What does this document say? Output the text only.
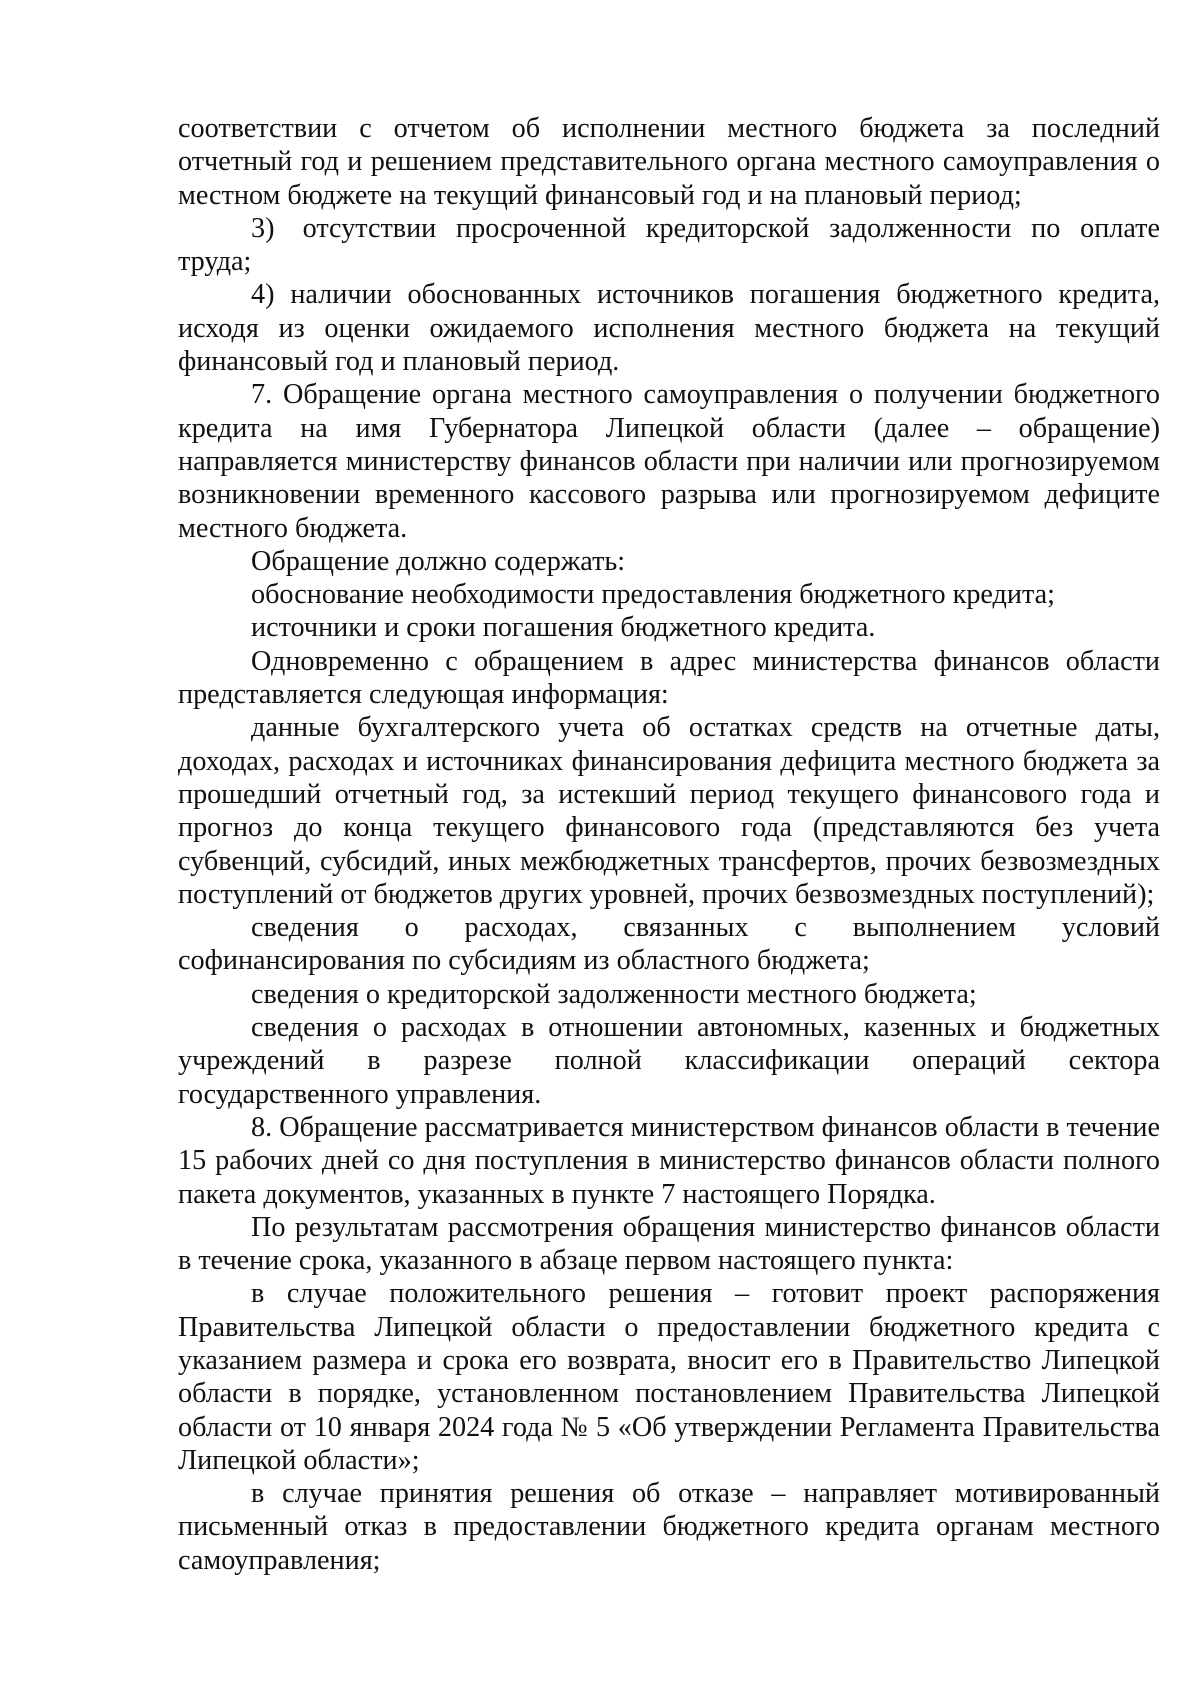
соответствии с отчетом об исполнении местного бюджета за последний отчетный год и решением представительного органа местного самоуправления о местном бюджете на текущий финансовый год и на плановый период;

3) отсутствии просроченной кредиторской задолженности по оплате труда;

4) наличии обоснованных источников погашения бюджетного кредита, исходя из оценки ожидаемого исполнения местного бюджета на текущий финансовый год и плановый период.

7. Обращение органа местного самоуправления о получении бюджетного кредита на имя Губернатора Липецкой области (далее – обращение) направляется министерству финансов области при наличии или прогнозируемом возникновении временного кассового разрыва или прогнозируемом дефиците местного бюджета.

Обращение должно содержать:

обоснование необходимости предоставления бюджетного кредита;

источники и сроки погашения бюджетного кредита.

Одновременно с обращением в адрес министерства финансов области представляется следующая информация:

данные бухгалтерского учета об остатках средств на отчетные даты, доходах, расходах и источниках финансирования дефицита местного бюджета за прошедший отчетный год, за истекший период текущего финансового года и прогноз до конца текущего финансового года (представляются без учета субвенций, субсидий, иных межбюджетных трансфертов, прочих безвозмездных поступлений от бюджетов других уровней, прочих безвозмездных поступлений);

сведения о расходах, связанных с выполнением условий софинансирования по субсидиям из областного бюджета;

сведения о кредиторской задолженности местного бюджета;

сведения о расходах в отношении автономных, казенных и бюджетных учреждений в разрезе полной классификации операций сектора государственного управления.

8. Обращение рассматривается министерством финансов области в течение 15 рабочих дней со дня поступления в министерство финансов области полного пакета документов, указанных в пункте 7 настоящего Порядка.

По результатам рассмотрения обращения министерство финансов области в течение срока, указанного в абзаце первом настоящего пункта:

в случае положительного решения – готовит проект распоряжения Правительства Липецкой области о предоставлении бюджетного кредита с указанием размера и срока его возврата, вносит его в Правительство Липецкой области в порядке, установленном постановлением Правительства Липецкой области от 10 января 2024 года № 5 «Об утверждении Регламента Правительства Липецкой области»;

в случае принятия решения об отказе – направляет мотивированный письменный отказ в предоставлении бюджетного кредита органам местного самоуправления;
